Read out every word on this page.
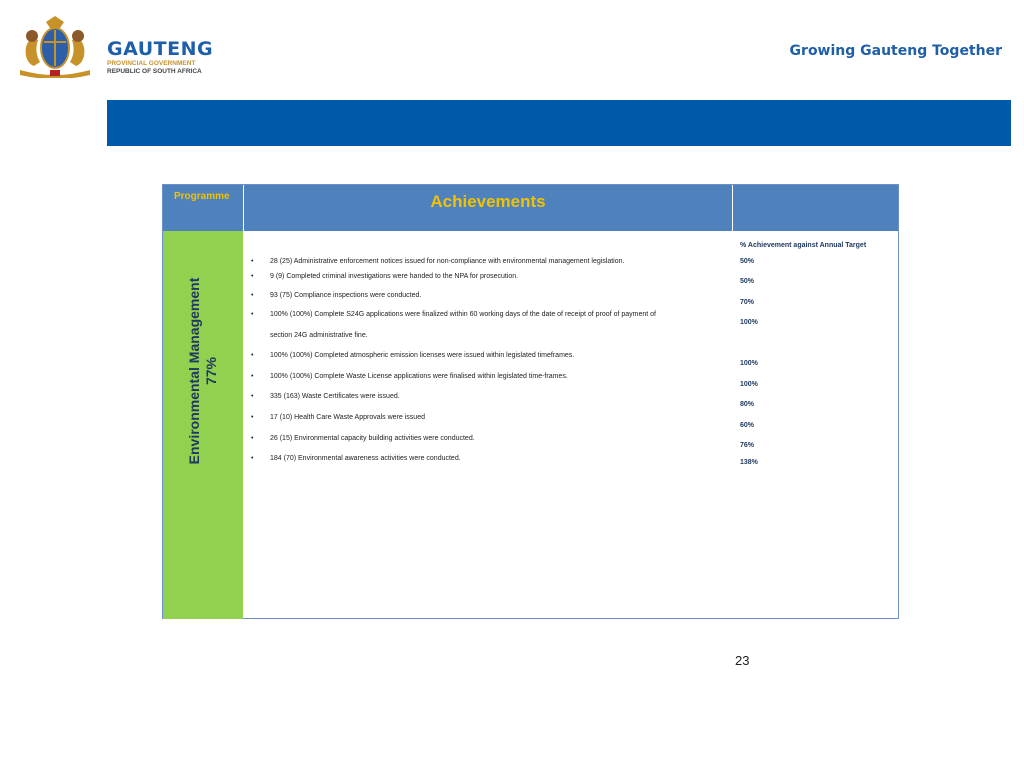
GAUTENG
PROVINCIAL GOVERNMENT
REPUBLIC OF SOUTH AFRICA
Growing Gauteng Together
Programme	Achievements
Environmental Management 77%
% Achievement against Annual Target
• 28 (25) Administrative enforcement notices issued for non-compliance with environmental management legislation.
• 9 (9) Completed criminal investigations were handed to the NPA for prosecution.
• 93 (75) Compliance inspections were conducted.
• 100% (100%) Complete S24G applications were finalized within 60 working days of the date of receipt of proof of payment of
section 24G administrative fine.
• 100% (100%) Completed atmospheric emission licenses were issued within legislated timeframes.
• 100% (100%) Complete Waste License applications were finalised within legislated time-frames.
• 335 (163) Waste Certificates were issued.
• 17 (10) Health Care Waste Approvals were issued
• 26 (15) Environmental capacity building activities were conducted.
• 184 (70) Environmental awareness activities were conducted.
50%
50%
70%
100%
100%
100%
80%
60%
76%
138%
23
